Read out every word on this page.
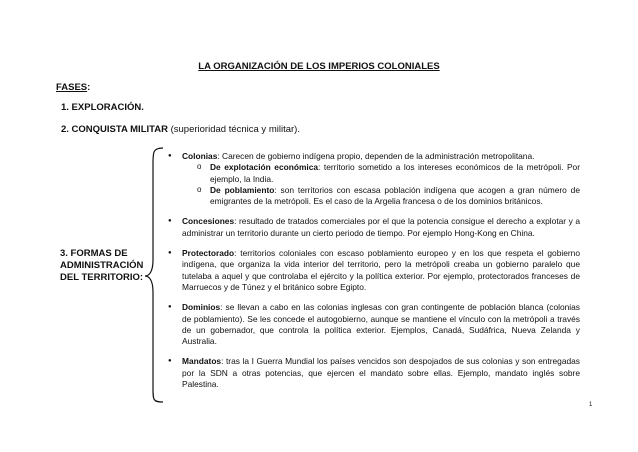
LA ORGANIZACIÓN DE LOS IMPERIOS COLONIALES
FASES:
1. EXPLORACIÓN.
2. CONQUISTA MILITAR (superioridad técnica y militar).
3. FORMAS DE ADMINISTRACIÓN DEL TERRITORIO:
● Colonias: Carecen de gobierno indígena propio, dependen de la administración metropolitana.
o De explotación económica: territorio sometido a los intereses económicos de la metrópoli. Por ejemplo, la India.
o De poblamiento: son territorios con escasa población indígena que acogen a gran número de emigrantes de la metrópoli. Es el caso de la Argelia francesa o de los dominios británicos.
● Concesiones: resultado de tratados comerciales por el que la potencia consigue el derecho a explotar y a administrar un territorio durante un cierto periodo de tiempo. Por ejemplo Hong-Kong en China.
● Protectorado: territorios coloniales con escaso poblamiento europeo y en los que respeta el gobierno indígena, que organiza la vida interior del territorio, pero la metrópoli creaba un gobierno paralelo que tutelaba a aquel y que controlaba el ejército y la política exterior. Por ejemplo, protectorados franceses de Marruecos y de Túnez y el británico sobre Egipto.
● Dominios: se llevan a cabo en las colonias inglesas con gran contingente de población blanca (colonias de poblamiento). Se les concede el autogobierno, aunque se mantiene el vínculo con la metrópoli a través de un gobernador, que controla la política exterior. Ejemplos, Canadá, Sudáfrica, Nueva Zelanda y Australia.
● Mandatos: tras la I Guerra Mundial los países vencidos son despojados de sus colonias y son entregadas por la SDN a otras potencias, que ejercen el mandato sobre ellas. Ejemplo, mandato inglés sobre Palestina.
1
